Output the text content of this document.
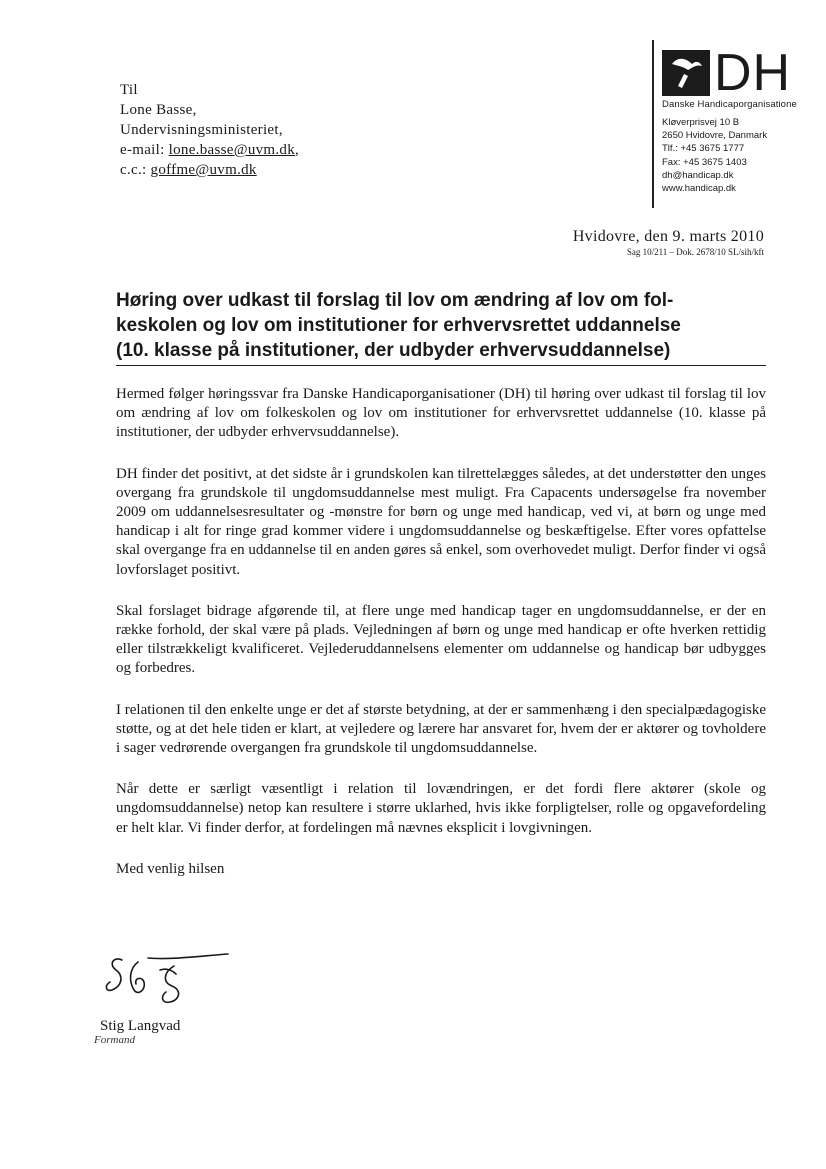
Til
Lone Basse,
Undervisningsministeriet,
e-mail: lone.basse@uvm.dk,
c.c.: goffme@uvm.dk
DH
Danske Handicaporganisatione
Kløverprisvej 10 B
2650 Hvidovre, Danmark
Tlf.: +45 3675 1777
Fax: +45 3675 1403
dh@handicap.dk
www.handicap.dk
Hvidovre, den 9. marts 2010
Sag 10/211 – Dok. 2678/10 SL/sih/kft
Høring over udkast til forslag til lov om ændring af lov om fol-
keskolen og lov om institutioner for erhvervsrettet uddannelse
(10. klasse på institutioner, der udbyder erhvervsuddannelse)

Hermed følger høringssvar fra Danske Handicaporganisationer (DH) til høring over udkast til forslag til lov om ændring af lov om folkeskolen og lov om institutioner for erhvervsrettet uddannelse (10. klasse på institutioner, der udbyder erhvervsuddannelse).

DH finder det positivt, at det sidste år i grundskolen kan tilrettelægges således, at det understøtter den unges overgang fra grundskole til ungdomsuddannelse mest muligt. Fra Capacents undersøgelse fra november 2009 om uddannelsesresultater og -mønstre for børn og unge med handicap, ved vi, at børn og unge med handicap i alt for ringe grad kommer videre i ungdomsuddannelse og beskæftigelse. Efter vores opfattelse skal overgange fra en uddannelse til en anden gøres så enkel, som overhovedet muligt. Derfor finder vi også lovforslaget positivt.

Skal forslaget bidrage afgørende til, at flere unge med handicap tager en ungdomsuddannelse, er der en række forhold, der skal være på plads. Vejledningen af børn og unge med handicap er ofte hverken rettidig eller tilstrækkeligt kvalificeret. Vejlederuddannelsens elementer om uddannelse og handicap bør udbygges og forbedres.

I relationen til den enkelte unge er det af største betydning, at der er sammenhæng i den specialpædagogiske støtte, og at det hele tiden er klart, at vejledere og lærere har ansvaret for, hvem der er aktører og tovholdere i sager vedrørende overgangen fra grundskole til ungdomsuddannelse.

Når dette er særligt væsentligt i relation til lovændringen, er det fordi flere aktører (skole og ungdomsuddannelse) netop kan resultere i større uklarhed, hvis ikke forpligtelser, rolle og opgavefordeling er helt klar. Vi finder derfor, at fordelingen må nævnes eksplicit i lovgivningen.

Med venlig hilsen
Stig Langvad
Formand
